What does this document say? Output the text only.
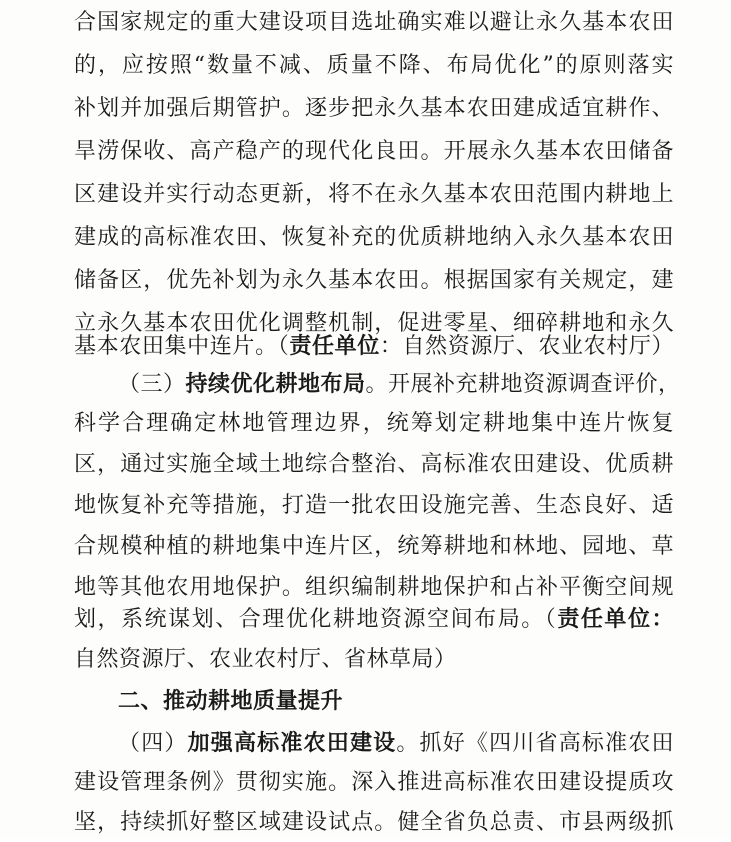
合国家规定的重大建设项目选址确实难以避让永久基本农田
的，应按照“数量不减、质量不降、布局优化”的原则落实
补划并加强后期管护。逐步把永久基本农田建成适宜耕作、
旱涝保收、高产稳产的现代化良田。开展永久基本农田储备
区建设并实行动态更新，将不在永久基本农田范围内耕地上
建成的高标准农田、恢复补充的优质耕地纳入永久基本农田
储备区，优先补划为永久基本农田。根据国家有关规定，建
立永久基本农田优化调整机制，促进零星、细碎耕地和永久
基本农田集中连片。（责任单位：自然资源厅、农业农村厅）
（三）持续优化耕地布局。开展补充耕地资源调查评价，
科学合理确定林地管理边界，统筹划定耕地集中连片恢复
区，通过实施全域土地综合整治、高标准农田建设、优质耕
地恢复补充等措施，打造一批农田设施完善、生态良好、适
合规模种植的耕地集中连片区，统筹耕地和林地、园地、草
地等其他农用地保护。组织编制耕地保护和占补平衡空间规
划，系统谋划、合理优化耕地资源空间布局。（责任单位：
自然资源厅、农业农村厅、省林草局）
二、推动耕地质量提升
（四）加强高标准农田建设。抓好《四川省高标准农田
建设管理条例》贯彻实施。深入推进高标准农田建设提质攻
坚，持续抓好整区域建设试点。健全省负总责、市县两级抓
